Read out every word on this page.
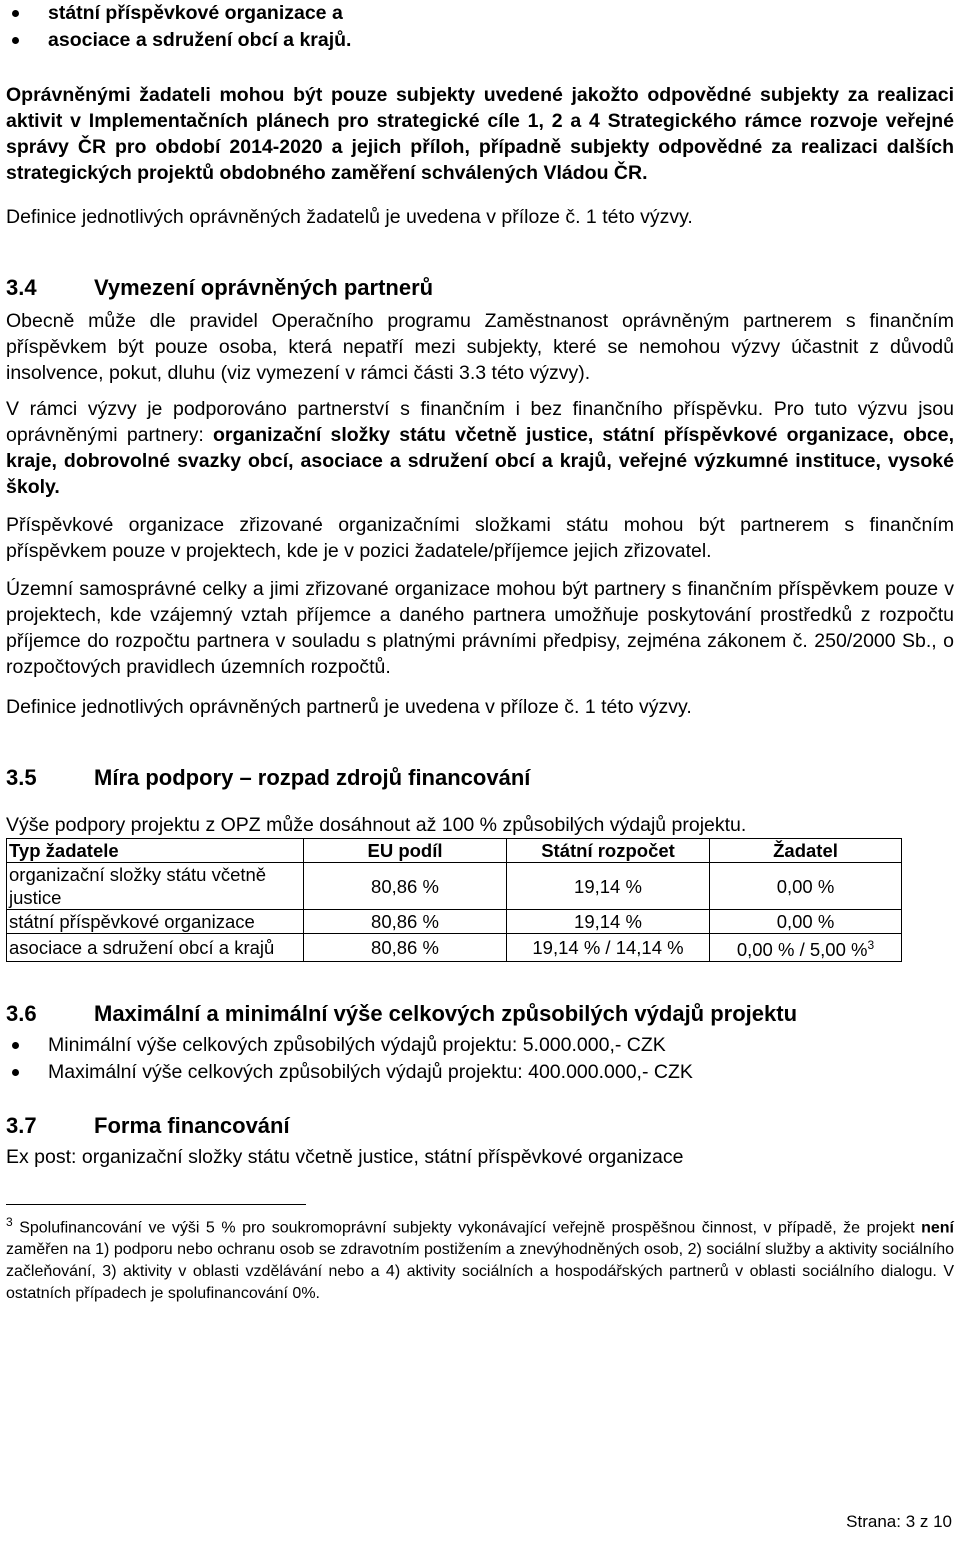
státní příspěvkové organizace a
asociace a sdružení obcí a krajů.

Oprávněnými žadateli mohou být pouze subjekty uvedené jakožto odpovědné subjekty za realizaci aktivit v Implementačních plánech pro strategické cíle 1, 2 a 4 Strategického rámce rozvoje veřejné správy ČR pro období 2014-2020 a jejich příloh, případně subjekty odpovědné za realizaci dalších strategických projektů obdobného zaměření schválených Vládou ČR.

Definice jednotlivých oprávněných žadatelů je uvedena v příloze č. 1 této výzvy.

3.4	Vymezení oprávněných partnerů

Obecně může dle pravidel Operačního programu Zaměstnanost oprávněným partnerem s finančním příspěvkem být pouze osoba, která nepatří mezi subjekty, které se nemohou výzvy účastnit z důvodů insolvence, pokut, dluhu (viz vymezení v rámci části 3.3 této výzvy).

V rámci výzvy je podporováno partnerství s finančním i bez finančního příspěvku. Pro tuto výzvu jsou oprávněnými partnery: organizační složky státu včetně justice, státní příspěvkové organizace, obce, kraje, dobrovolné svazky obcí, asociace a sdružení obcí a krajů, veřejné výzkumné instituce, vysoké školy.

Příspěvkové organizace zřizované organizačními složkami státu mohou být partnerem s finančním příspěvkem pouze v projektech, kde je v pozici žadatele/příjemce jejich zřizovatel.

Územní samosprávné celky a jimi zřizované organizace mohou být partnery s finančním příspěvkem pouze v projektech, kde vzájemný vztah příjemce a daného partnera umožňuje poskytování prostředků z rozpočtu příjemce do rozpočtu partnera v souladu s platnými právními předpisy, zejména zákonem č. 250/2000 Sb., o rozpočtových pravidlech územních rozpočtů.

Definice jednotlivých oprávněných partnerů je uvedena v příloze č. 1 této výzvy.

3.5	Míra podpory – rozpad zdrojů financování

Výše podpory projektu z OPZ může dosáhnout až 100 % způsobilých výdajů projektu.

Typ žadatele	EU podíl	Státní rozpočet	Žadatel
organizační složky státu včetně justice	80,86 %	19,14 %	0,00 %
státní příspěvkové organizace	80,86 %	19,14 %	0,00 %
asociace a sdružení obcí a krajů	80,86 %	19,14 % / 14,14 %	0,00 % / 5,00 %$^3$
3.6	Maximální a minimální výše celkových způsobilých výdajů projektu
Minimální výše celkových způsobilých výdajů projektu: 5.000.000,- CZK
Maximální výše celkových způsobilých výdajů projektu: 400.000.000,- CZK
3.7	Forma financování

Ex post: organizační složky státu včetně justice, státní příspěvkové organizace

$^3$ Spolufinancování ve výši 5 % pro soukromoprávní subjekty vykonávající veřejně prospěšnou činnost, v případě, že projekt není zaměřen na 1) podporu nebo ochranu osob se zdravotním postižením a znevýhodněných osob, 2) sociální služby a aktivity sociálního začleňování, 3) aktivity v oblasti vzdělávání nebo a 4) aktivity sociálních a hospodářských partnerů v oblasti sociálního dialogu. V ostatních případech je spolufinancování 0%.

Strana: 3 z 10
